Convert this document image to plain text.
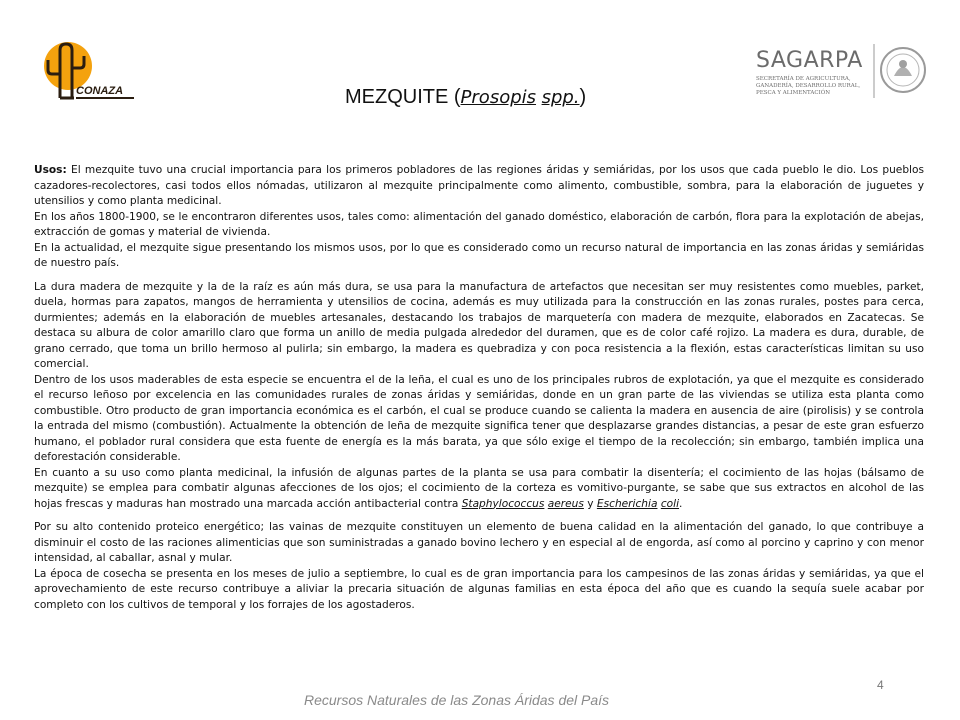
CONAZA
SAGARPA
SECRETARÍA DE AGRICULTURA,
GANADERÍA, DESARROLLO RURAL,
PESCA Y ALIMENTACIÓN
MEZQUITE (Prosopis spp.)

Usos: El mezquite tuvo una crucial importancia para los primeros pobladores de las regiones áridas y semiáridas, por los usos que cada pueblo le dio. Los pueblos cazadores-recolectores, casi todos ellos nómadas, utilizaron al mezquite principalmente como alimento, combustible, sombra, para la elaboración de juguetes y utensilios y como planta medicinal.

En los años 1800-1900, se le encontraron diferentes usos, tales como: alimentación del ganado doméstico, elaboración de carbón, flora para la explotación de abejas, extracción de gomas y material de vivienda.

En la actualidad, el mezquite sigue presentando los mismos usos, por lo que es considerado como un recurso natural de importancia en las zonas áridas y semiáridas de nuestro país.

La dura madera de mezquite y la de la raíz es aún más dura, se usa para la manufactura de artefactos que necesitan ser muy resistentes como muebles, parket, duela, hormas para zapatos, mangos de herramienta y utensilios de cocina, además es muy utilizada para la construcción en las zonas rurales, postes para cerca, durmientes; además en la elaboración de muebles artesanales, destacando los trabajos de marquetería con madera de mezquite, elaborados en Zacatecas. Se destaca su albura de color amarillo claro que forma un anillo de media pulgada alrededor del duramen, que es de color café rojizo. La madera es dura, durable, de grano cerrado, que toma un brillo hermoso al pulirla; sin embargo, la madera es quebradiza y con poca resistencia a la flexión, estas características limitan su uso comercial.

Dentro de los usos maderables de esta especie se encuentra el de la leña, el cual es uno de los principales rubros de explotación, ya que el mezquite es considerado el recurso leñoso por excelencia en las comunidades rurales de zonas áridas y semiáridas, donde en un gran parte de las viviendas se utiliza esta planta como combustible. Otro producto de gran importancia económica es el carbón, el cual se produce cuando se calienta la madera en ausencia de aire (pirolisis) y se controla la entrada del mismo (combustión). Actualmente la obtención de leña de mezquite significa tener que desplazarse grandes distancias, a pesar de este gran esfuerzo humano, el poblador rural considera que esta fuente de energía es la más barata, ya que sólo exige el tiempo de la recolección; sin embargo, también implica una deforestación considerable.

En cuanto a su uso como planta medicinal, la infusión de algunas partes de la planta se usa para combatir la disentería; el cocimiento de las hojas (bálsamo de mezquite) se emplea para combatir algunas afecciones de los ojos; el cocimiento de la corteza es vomitivo-purgante, se sabe que sus extractos en alcohol de las hojas frescas y maduras han mostrado una marcada acción antibacterial contra Staphylococcus aereus y Escherichia coli.

Por su alto contenido proteico energético; las vainas de mezquite constituyen un elemento de buena calidad en la alimentación del ganado, lo que contribuye a disminuir el costo de las raciones alimenticias que son suministradas a ganado bovino lechero y en especial al de engorda, así como al porcino y caprino y con menor intensidad, al caballar, asnal y mular.

La época de cosecha se presenta en los meses de julio a septiembre, lo cual es de gran importancia para los campesinos de las zonas áridas y semiáridas, ya que el aprovechamiento de este recurso contribuye a aliviar la precaria situación de algunas familias en esta época del año que es cuando la sequía suele acabar por completo con los cultivos de temporal y los forrajes de los agostaderos.

4
Recursos Naturales de las Zonas Áridas del País
